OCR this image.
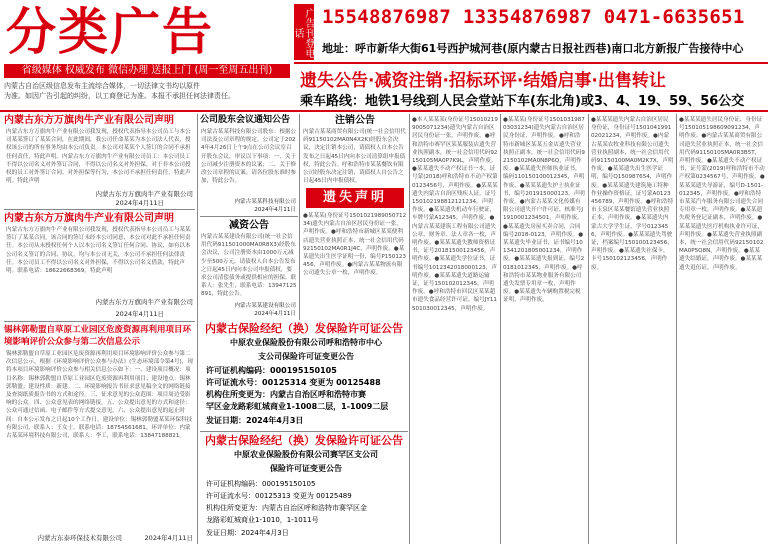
分类广告
省级媒体 权威发布 微信办理 送报上门 (周一至周五出刊)
内蒙古自治区级信息发布主流综合媒体，一切法律文书均以原件
为准。如因广告引起的纠纷，以工商登记为准。本报不承担任何法律责任。
广告刊登电话
15548876987 13354876987 0471-6635651
地址：呼市新华大街61号西护城河巷(原内蒙古日报社西巷)南口北方新报广告接待中心
遗失公告·减资注销·招标环评·结婚启事·出售转让
乘车路线：地铁1号线到人民会堂站下车(东北角)或3、4、19、59、56公交
内蒙古东方万旗肉牛产业有限公司声明
内蒙古东方万旗肉牛产业有限公司我发现，授权代表指导本公司员工与本公司某某签订了某某合同，在此期间，我公司任命某某为本公司法人代表，授权该公司的所有事务均由本公司负责。本公司对某某个人签订的合同不承担任何责任，特此声明。内蒙古东方万旗肉牛产业有限公司员工：本公司员工不得以公司名义对外签订合同，不得以公司名义对外担保，对于非本公司授权的员工对外签订合同、对外担保等行为，本公司不承担任何责任，特此声明。特此声明
内蒙古东方万旗肉牛产业有限公司
2024年4月11日
内蒙古东方万旗肉牛产业有限公司声明
内蒙古东方万旗肉牛产业有限公司我发现，授权代表指导本公司员工与某某签订了某某合同，该合同的签订未经本公司同意，本公司对此不承担任何责任。本公司从未授权任何个人以本公司名义签订任何合同、协议，如有以本公司名义签订的合同、协议，均与本公司无关，本公司不承担任何法律责任。本公司员工不得以公司名义对外担保，不得以公司名义借款，特此声明。联系电话：18622668369，特此声明
内蒙古东方万旗肉牛产业有限公司
2024年4月11日
锡林郭勒盟自草原工业园区危废资源再利用项目环境影响评价公众参与第二次信息公示
锡林郭勒盟自草原工业园区危废资源再利用项目环境影响评价公众参与第二次信息公示，根据《环境影响评价公众参与办法》(生态环境部令第4号)，现将本项目环境影响评价公众参与相关信息公示如下：一、建设项目概况：项目名称：锡林郭勒盟自草原工业园区危废资源再利用项目；建设地点：锡林郭勒盟；建设性质：新建。二、环境影响报告书征求意见稿全文的网络链接及查阅纸质报告书的方式和途径。三、征求意见的公众范围：项目周边受影响的公众。四、公众意见表的网络链接。五、公众提出意见的方式和途径：公众可通过信函、电子邮件等方式提交意见。六、公众提出意见的起止时间：自本公示发布之日起10个工作日。建设单位：锡林郭勒盟某某环保科技有限公司，联系人：王女士，联系电话：18754561681。环评单位：内蒙古某某环境科技有限公司，联系人：李工，联系电话：13847188821。
内蒙古东泰环保技术有限公司	2024年4月11日
公司股东会议通知公告
内蒙古某某科技有限公司股东：根据公司法及公司章程的规定，公司定于2024年4月26日上午9点在公司会议室召开股东会议，审议以下事项：一、关于公司减少注册资本的议案；二、关于修改公司章程的议案。请各位股东准时参加，特此公告。
内蒙古某某科技有限公司
2024年4月11日
减资公告
内蒙古某某建设有限公司(统一社会信用代码911501000MA0R8X3)经股东会决议，公司注册资本由1000万元减少至500万元，请债权人自本公告发布之日起45日内向本公司申报债权，要求公司清偿债务或提供相应的担保。联系人：张先生，联系电话：13947125891，特此公告。
内蒙古某某建设有限公司
2024年4月11日
注销公告
内蒙古某某商贸有限公司(统一社会信用代码91150102MA0N4X2K)经股东会决议，决定注销本公司，请债权人自本公告发布之日起45日内向本公司清算组申报债权，特此公告。呼和浩特市某某餐饮有限公司经股东决定注销，请债权人自公告之日起45日内申报债权。
遗失声明
●某某某(身份证号150102198905071234)遗失内蒙古自治区居民身份证一张，声明作废。●呼和浩特市新城区某某便利店遗失营业执照正本，统一社会信用代码92150102MA0R1J4C，声明作废。●某某遗失出生医学证明一份，编号P150123456，声明作废。●内蒙古某某物流有限公司遗失公章一枚，声明作废。
内蒙古保险经纪（换）发保险许可证公告
中原农业保险股份有限公司呼和浩特市中心
支公司保险许可证变更公告
许可证机构编码：000195150105
许可证流水号：00125314 变更为 00125488
机构住所变更为：内蒙古自治区呼和浩特市赛
罕区金龙路彩虹城商业1-1008二层，1-1009二层
发证日期：2024年4月3日
内蒙古保险经纪（换）发保险许可证公告
中原农业保险股份有限公司赛罕区支公司
保险许可证变更公告
许可证机构编码：000195150105
许可证流水号：00125313 变更为 00125489
机构住所变更为：内蒙古自治区呼和浩特市赛罕区金
龙路彩虹城商业1-1010，1-1011号
发证日期：2024年4月3日
●本人某某某(身份证号150102199005071234)遗失内蒙古自治区居民身份证一张，声明作废。●呼和浩特市赛罕区某某服装店遗失营业执照副本，统一社会信用代码92150105MA0P7K9L，声明作废。●某某遗失不动产权证书一本，证号蒙(2018)呼和浩特市不动产权第0123456号，声明作废。●某某某遗失内蒙古自治区残疾人证，证号150102198812121234，声明作废。●某某遗失机动车行驶证，车牌号蒙A12345，声明作废。●内蒙古某某建筑工程有限公司遗失公章、财务章、法人章各一枚，声明作废。●某某某遗失教师资格证书，证号20181500123456，声明作废。●某某遗失学位证书，证书编号1012342018000123，声明作废。●某某某遗失道路运输证，证号150102012345，声明作废。●呼和浩特市回民区某某超市遗失食品经营许可证，编号JY11501030012345，声明作废。
●某某某(身份证号150103198703031234)遗失内蒙古自治区居民身份证，声明作废。●呼和浩特市新城区某某五金店遗失营业执照正副本，统一社会信用代码92150102MA0N8P6Q，声明作废。●某某遗失医师执业证书，编码110150100012345，声明作废。●某某某遗失护士执业证书，编号201915000123，声明作废。●内蒙古某某文化传媒有限公司遗失开户许可证，核准号J1910001234501，声明作废。●某某遗失房屋买卖合同，合同编号2018-0123，声明作废。●某某遗失毕业证书，证书编号101341201805001234，声明作废。●某某某遗失报到证，编号20181012345，声明作废。●呼和浩特市某某物业服务有限公司遗失发票专用章一枚，声明作废。●某某遗失车辆购置税完税证明，声明作废。
●某某某遗失内蒙古自治区居民身份证，身份证号150104199102021234，声明作废。●内蒙古某某农牧业科技有限公司遗失营业执照副本，统一社会信用代码91150100MA0M2K7X，声明作废。●某某遗失出生医学证明，编号Q150987654，声明作废。●某某某遗失建筑施工特种作业操作资格证，证号蒙A0123456789，声明作废。●呼和浩特市玉泉区某某餐馆遗失营业执照正本，声明作废。●某某遗失内蒙古大学学生证，学号0123456，声明作废。●某某某遗失驾驶证，档案编号150100123456，声明作废。●某某遗失社保卡，卡号150102123456，声明作废。
●某某某遗失居民身份证，身份证号150105198609091234，声明作废。●内蒙古某某商贸有限公司遗失营业执照正本，统一社会信用代码91150105MA0R3B5T，声明作废。●某某遗失不动产权证书，证号蒙(2019)呼和浩特市不动产权第0234567号，声明作废。●某某某遗失导游证，编号D-1501-012345，声明作废。●呼和浩特市某某汽车服务有限公司遗失合同专用章一枚，声明作废。●某某遗失税务登记证副本，声明作废。●某某某遗失医疗机构执业许可证，声明作废。●某某遗失营业执照副本，统一社会信用代码92150102MA0P5Q8N，声明作废。●某某遗失结婚证，声明作废。●某某某遗失退伍证，声明作废。
